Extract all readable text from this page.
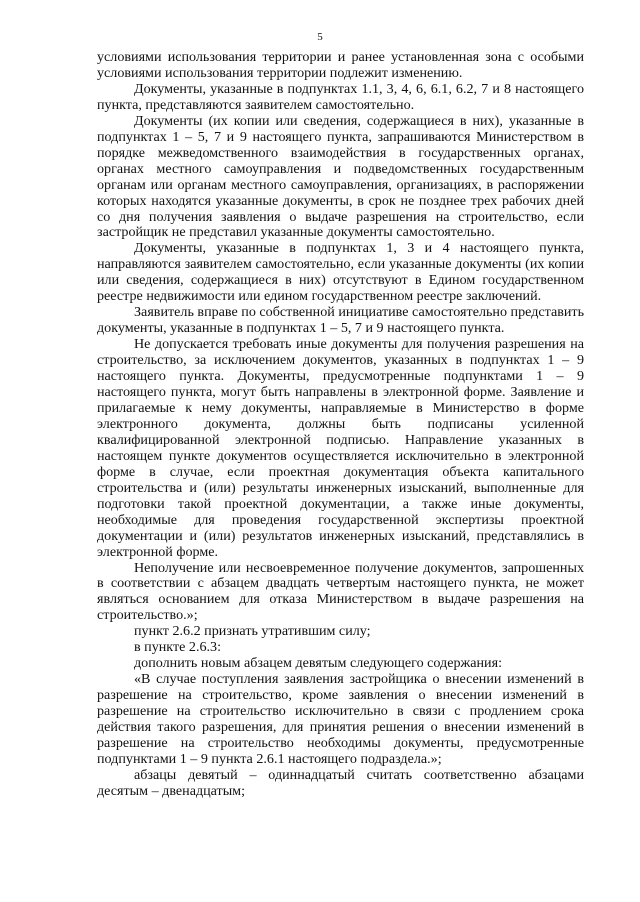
5

условиями использования территории и ранее установленная зона с особыми условиями использования территории подлежит изменению.

Документы, указанные в подпунктах 1.1, 3, 4, 6, 6.1, 6.2, 7 и 8 настоящего пункта, представляются заявителем самостоятельно.

Документы (их копии или сведения, содержащиеся в них), указанные в подпунктах 1 – 5, 7 и 9 настоящего пункта, запрашиваются Министерством в порядке межведомственного взаимодействия в государственных органах, органах местного самоуправления и подведомственных государственным органам или органам местного самоуправления, организациях, в распоряжении которых находятся указанные документы, в срок не позднее трех рабочих дней со дня получения заявления о выдаче разрешения на строительство, если застройщик не представил указанные документы самостоятельно.

Документы, указанные в подпунктах 1, 3 и 4 настоящего пункта, направляются заявителем самостоятельно, если указанные документы (их копии или сведения, содержащиеся в них) отсутствуют в Едином государственном реестре недвижимости или едином государственном реестре заключений.

Заявитель вправе по собственной инициативе самостоятельно представить документы, указанные в подпунктах 1 – 5, 7 и 9 настоящего пункта.

Не допускается требовать иные документы для получения разрешения на строительство, за исключением документов, указанных в подпунктах 1 – 9 настоящего пункта. Документы, предусмотренные подпунктами 1 – 9 настоящего пункта, могут быть направлены в электронной форме. Заявление и прилагаемые к нему документы, направляемые в Министерство в форме электронного документа, должны быть подписаны усиленной квалифицированной электронной подписью. Направление указанных в настоящем пункте документов осуществляется исключительно в электронной форме в случае, если проектная документация объекта капитального строительства и (или) результаты инженерных изысканий, выполненные для подготовки такой проектной документации, а также иные документы, необходимые для проведения государственной экспертизы проектной документации и (или) результатов инженерных изысканий, представлялись в электронной форме.

Неполучение или несвоевременное получение документов, запрошенных в соответствии с абзацем двадцать четвертым настоящего пункта, не может являться основанием для отказа Министерством в выдаче разрешения на строительство.»;

пункт 2.6.2 признать утратившим силу;

в пункте 2.6.3:

дополнить новым абзацем девятым следующего содержания:

«В случае поступления заявления застройщика о внесении изменений в разрешение на строительство, кроме заявления о внесении изменений в разрешение на строительство исключительно в связи с продлением срока действия такого разрешения, для принятия решения о внесении изменений в разрешение на строительство необходимы документы, предусмотренные подпунктами 1 – 9 пункта 2.6.1 настоящего подраздела.»;

абзацы девятый – одиннадцатый считать соответственно абзацами десятым – двенадцатым;
